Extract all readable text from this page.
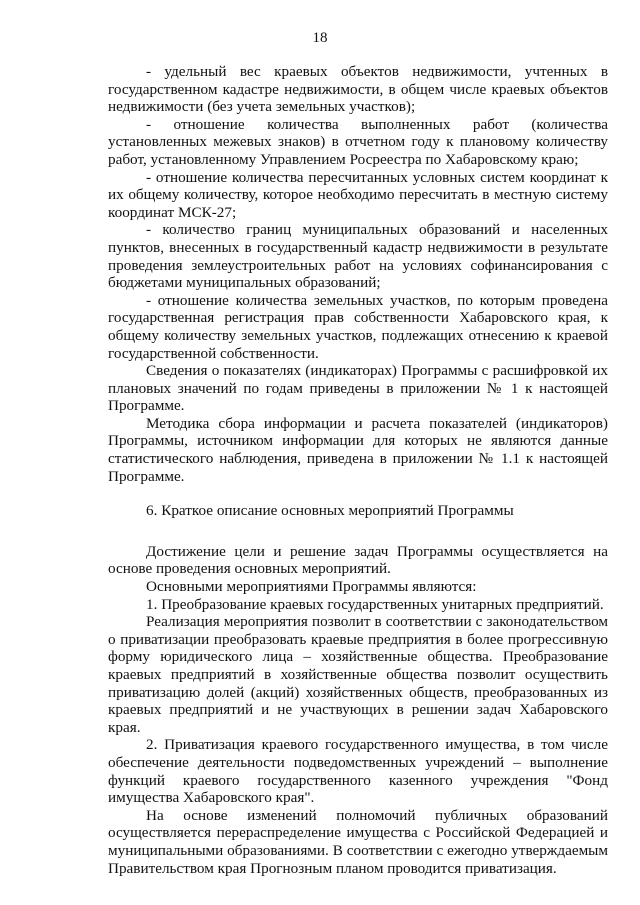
18

- удельный вес краевых объектов недвижимости, учтенных в государственном кадастре недвижимости, в общем числе краевых объектов недвижимости (без учета земельных участков);

- отношение количества выполненных работ (количества установленных межевых знаков) в отчетном году к плановому количеству работ, установленному Управлением Росреестра по Хабаровскому краю;

- отношение количества пересчитанных условных систем координат к их общему количеству, которое необходимо пересчитать в местную систему координат МСК-27;

- количество границ муниципальных образований и населенных пунктов, внесенных в государственный кадастр недвижимости в результате проведения землеустроительных работ на условиях софинансирования с бюджетами муниципальных образований;

- отношение количества земельных участков, по которым проведена государственная регистрация прав собственности Хабаровского края, к общему количеству земельных участков, подлежащих отнесению к краевой государственной собственности.

Сведения о показателях (индикаторах) Программы с расшифровкой их плановых значений по годам приведены в приложении № 1 к настоящей Программе.

Методика сбора информации и расчета показателей (индикаторов) Программы, источником информации для которых не являются данные статистического наблюдения, приведена в приложении № 1.1 к настоящей Программе.

6. Краткое описание основных мероприятий Программы

Достижение цели и решение задач Программы осуществляется на основе проведения основных мероприятий.

Основными мероприятиями Программы являются:

1. Преобразование краевых государственных унитарных предприятий.

Реализация мероприятия позволит в соответствии с законодательством о приватизации преобразовать краевые предприятия в более прогрессивную форму юридического лица – хозяйственные общества. Преобразование краевых предприятий в хозяйственные общества позволит осуществить приватизацию долей (акций) хозяйственных обществ, преобразованных из краевых предприятий и не участвующих в решении задач Хабаровского края.

2. Приватизация краевого государственного имущества, в том числе обеспечение деятельности подведомственных учреждений – выполнение функций краевого государственного казенного учреждения "Фонд имущества Хабаровского края".

На основе изменений полномочий публичных образований осуществляется перераспределение имущества с Российской Федерацией и муниципальными образованиями. В соответствии с ежегодно утверждаемым Правительством края Прогнозным планом проводится приватизация.
